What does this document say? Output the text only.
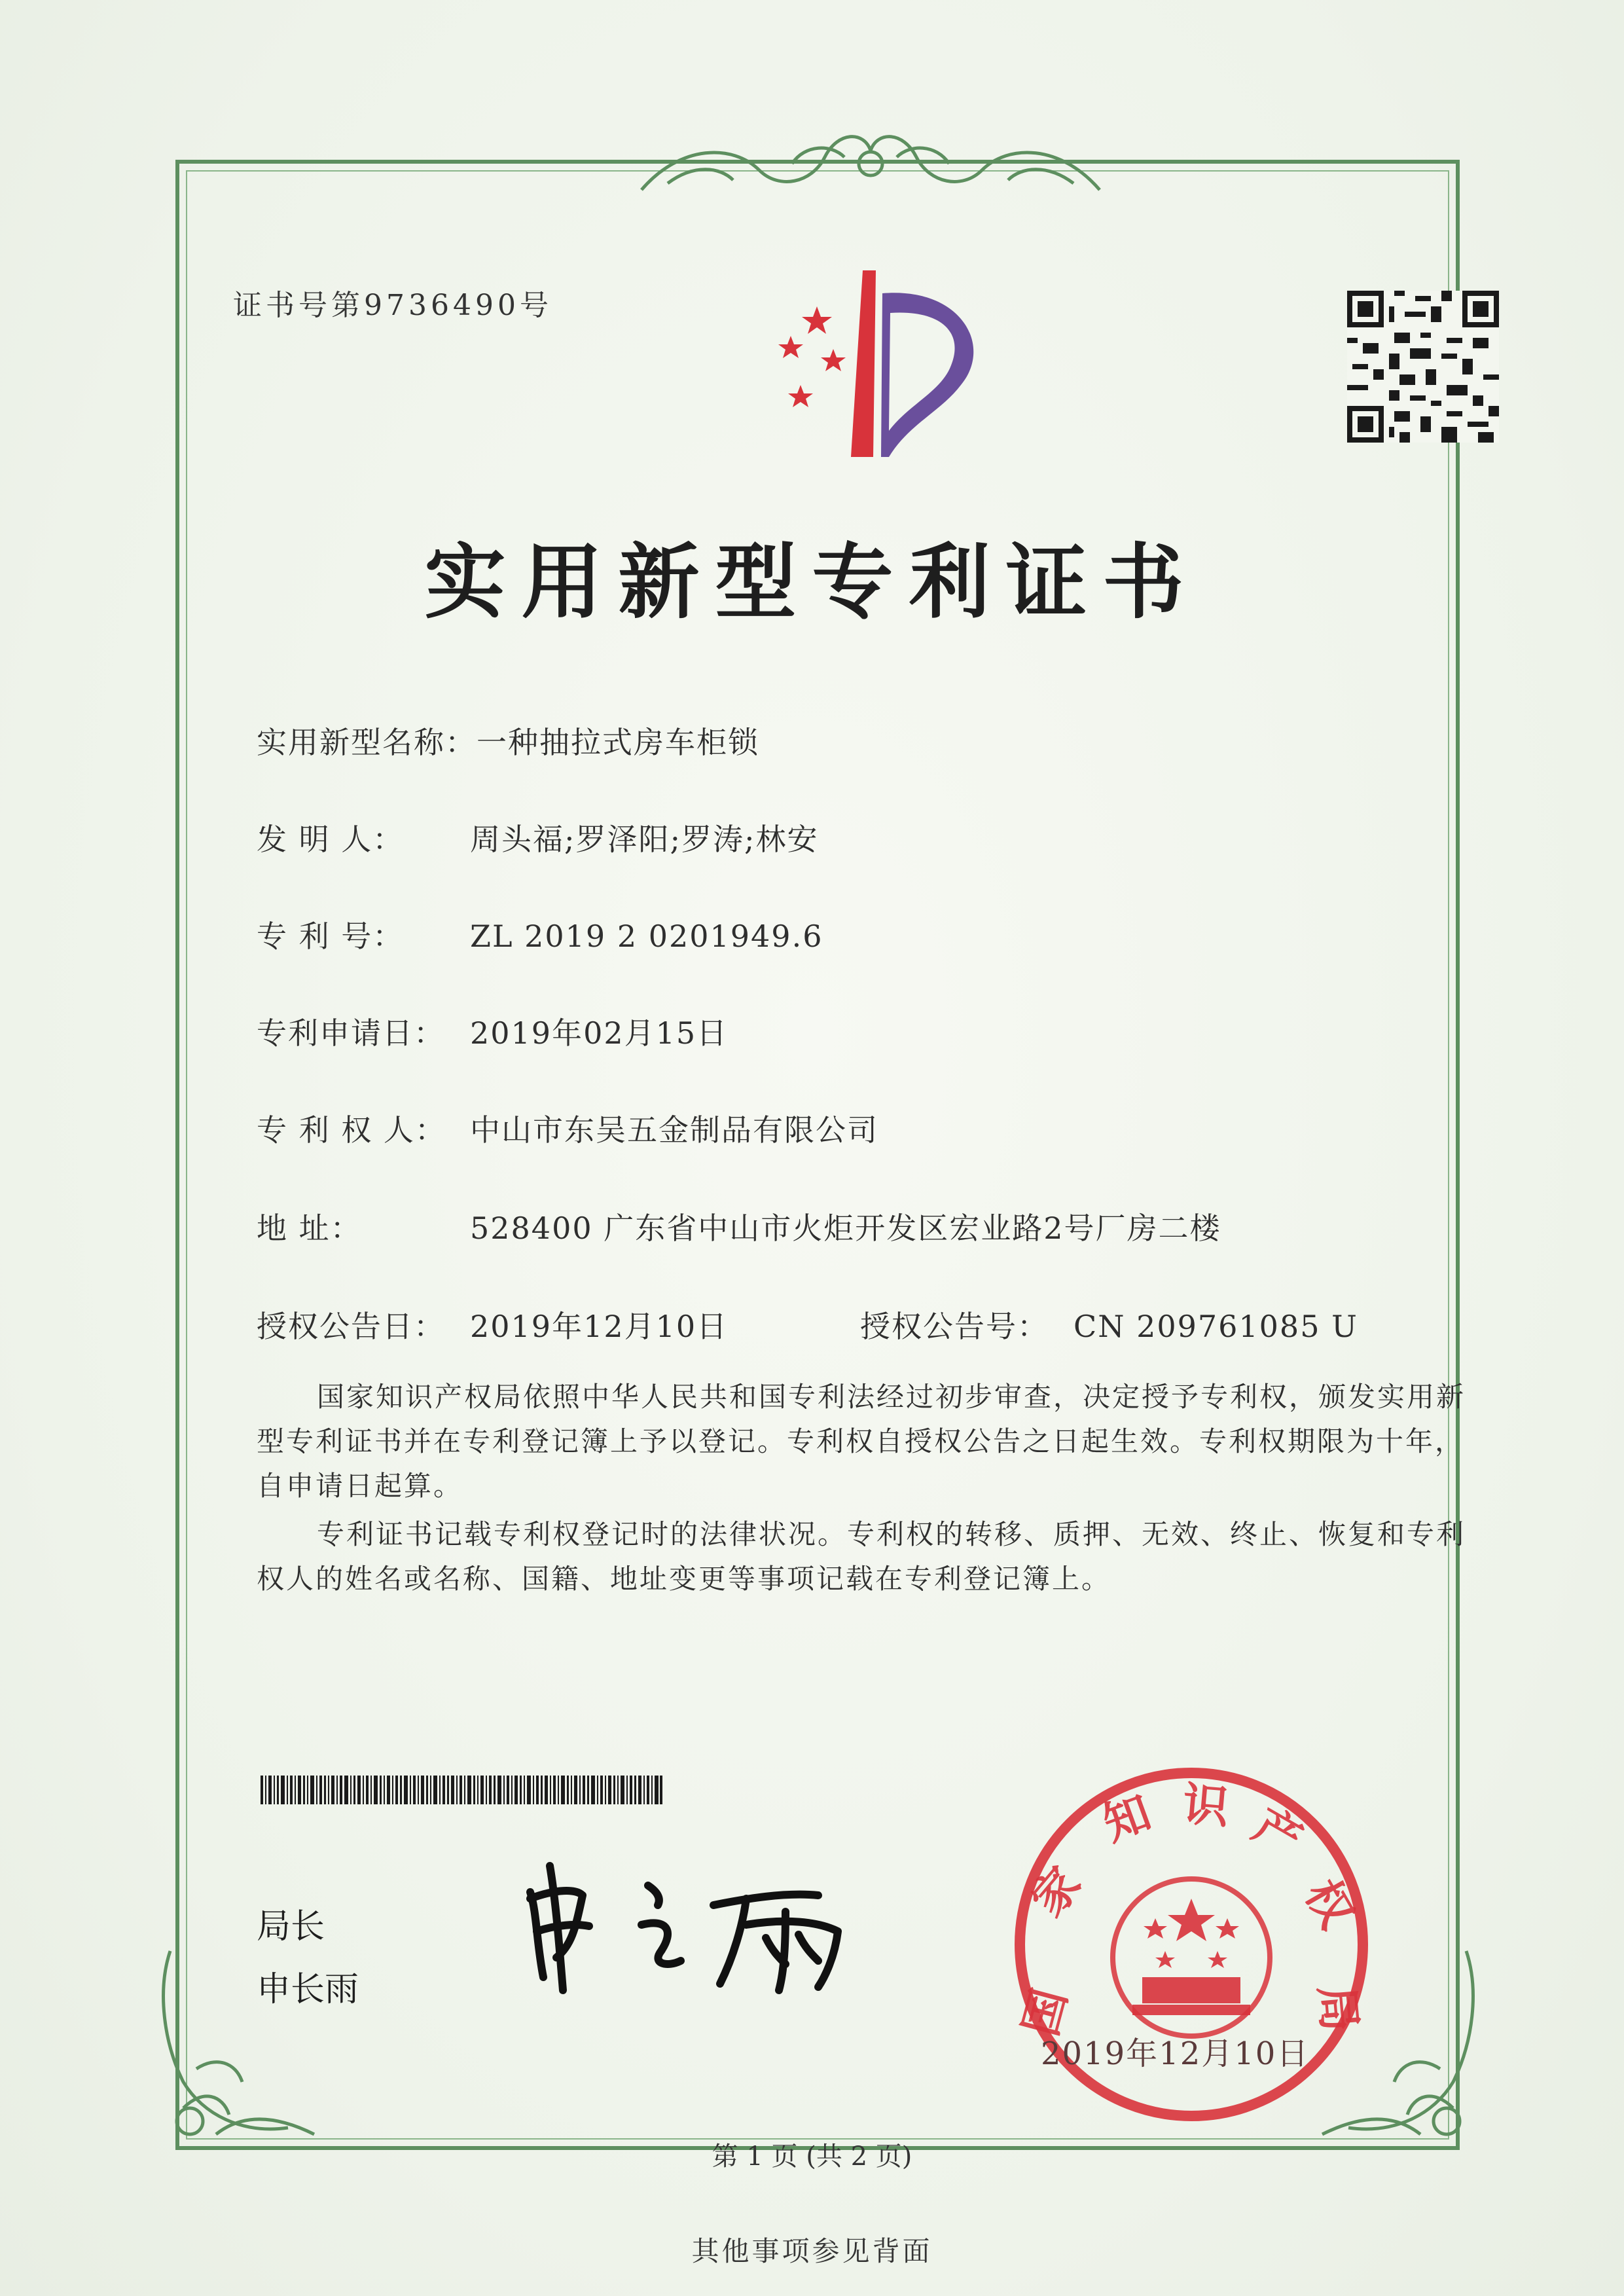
证书号第9736490号
实用新型专利证书
实用新型名称：一种抽拉式房车柜锁
发 明 人： 周头福;罗泽阳;罗涛;林安
专 利 号： ZL 2019 2 0201949.6
专利申请日： 2019年02月15日
专 利 权 人： 中山市东吴五金制品有限公司
地 址：	528400 广东省中山市火炬开发区宏业路2号厂房二楼
授权公告日： 2019年12月10日	授权公告号： CN 209761085 U
国家知识产权局依照中华人民共和国专利法经过初步审查，决定授予专利权，颁发实用新型专利证书并在专利登记簿上予以登记。专利权自授权公告之日起生效。专利权期限为十年，自申请日起算。
专利证书记载专利权登记时的法律状况。专利权的转移、质押、无效、终止、恢复和专利权人的姓名或名称、国籍、地址变更等事项记载在专利登记簿上。
局长
申长雨	国
家
知 识 产
权
局
2019年12月10日
第 1 页 (共 2 页)
其他事项参见背面
